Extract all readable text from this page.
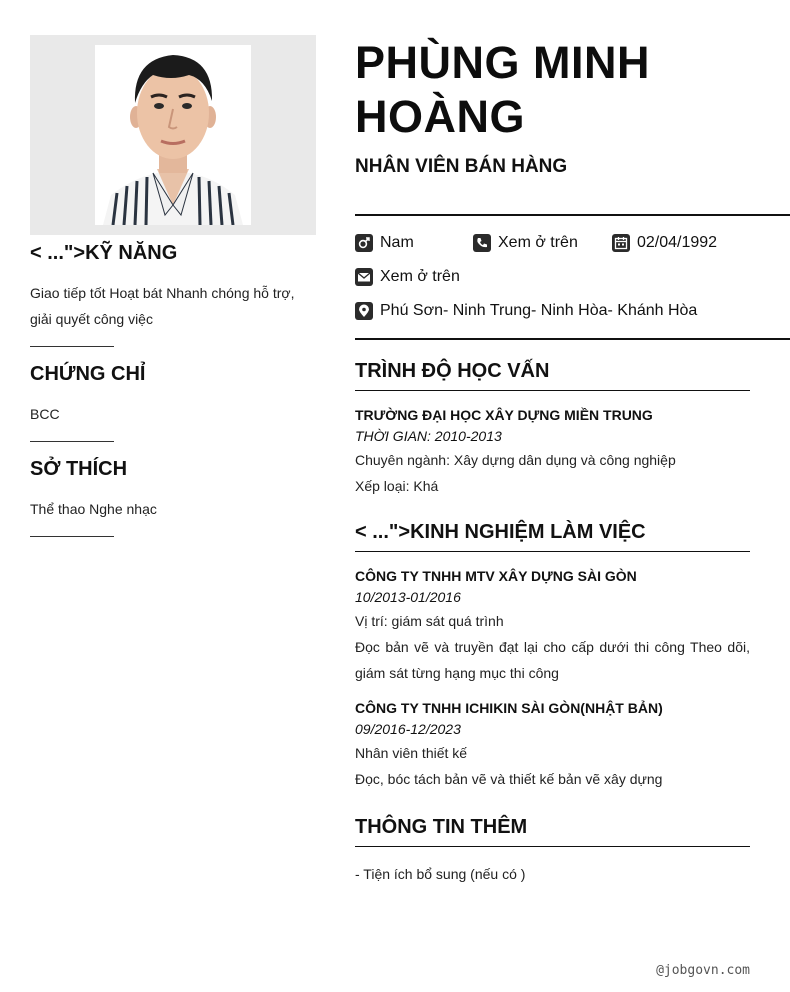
< ...">KỸ NĂNG
Giao tiếp tốt Hoạt bát Nhanh chóng hỗ trợ, giải quyết công việc
CHỨNG CHỈ
BCC
SỞ THÍCH
Thể thao Nghe nhạc
PHÙNG MINH HOÀNG
NHÂN VIÊN BÁN HÀNG
Nam	Xem ở trên	02/04/1992
Xem ở trên
Phú Sơn- Ninh Trung- Ninh Hòa- Khánh Hòa
TRÌNH ĐỘ HỌC VẤN
TRƯỜNG ĐẠI HỌC XÂY DỰNG MIỀN TRUNG
THỜI GIAN: 2010-2013
Chuyên ngành: Xây dựng dân dụng và công nghiệp
Xếp loại: Khá
< ...">KINH NGHIỆM LÀM VIỆC
CÔNG TY TNHH MTV XÂY DỰNG SÀI GÒN
10/2013-01/2016
Vị trí: giám sát quá trình
Đọc bản vẽ và truyền đạt lại cho cấp dưới thi công Theo dõi, giám sát từng hạng mục thi công
CÔNG TY TNHH ICHIKIN SÀI GÒN(NHẬT BẢN)
09/2016-12/2023
Nhân viên thiết kế
Đọc, bóc tách bản vẽ và thiết kế bản vẽ xây dựng
THÔNG TIN THÊM
- Tiện ích bổ sung (nếu có )
@jobgovn.com
